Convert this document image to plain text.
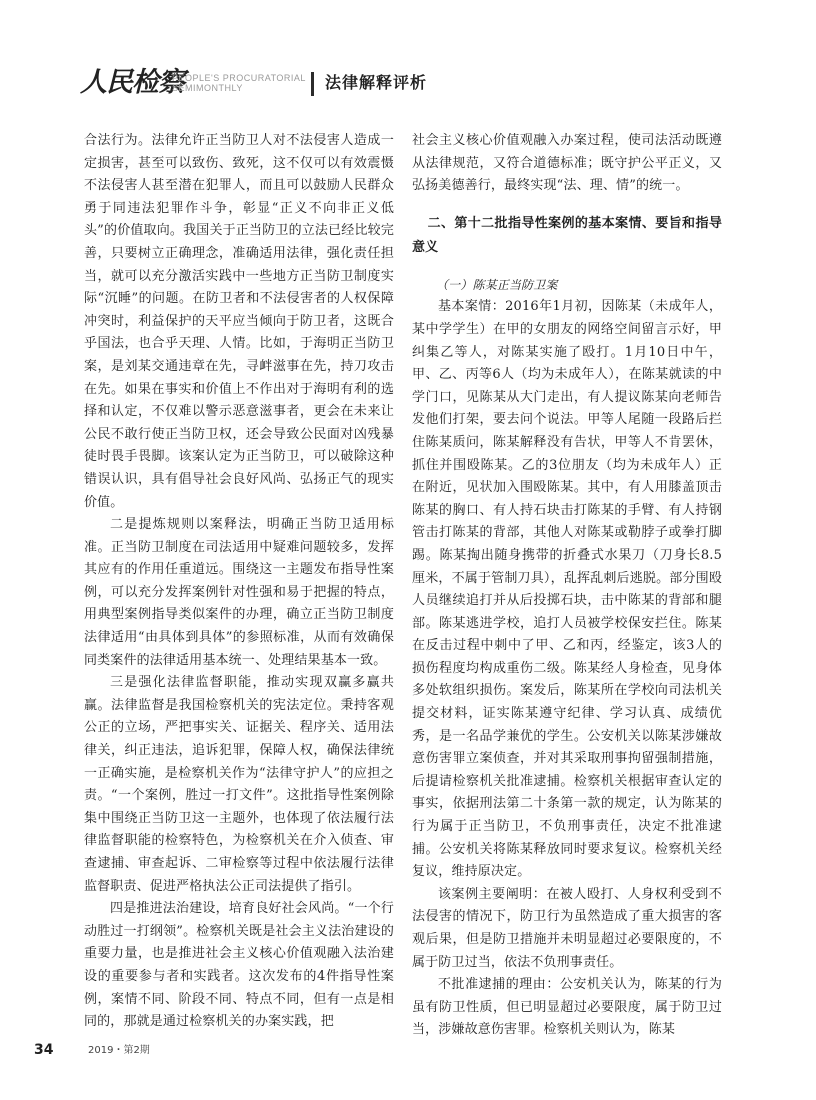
人民检察
PEOPLE'S PROCURATORIAL
SEMIMONTHLY	法律解释评析

合法行为。法律允许正当防卫人对不法侵害人造成一定损害，甚至可以致伤、致死，这不仅可以有效震慑不法侵害人甚至潜在犯罪人，而且可以鼓励人民群众勇于同违法犯罪作斗争，彰显“正义不向非正义低头”的价值取向。我国关于正当防卫的立法已经比较完善，只要树立正确理念，准确适用法律，强化责任担当，就可以充分激活实践中一些地方正当防卫制度实际“沉睡”的问题。在防卫者和不法侵害者的人权保障冲突时，利益保护的天平应当倾向于防卫者，这既合乎国法，也合乎天理、人情。比如，于海明正当防卫案，是刘某交通违章在先，寻衅滋事在先，持刀攻击在先。如果在事实和价值上不作出对于海明有利的选择和认定，不仅难以警示恶意滋事者，更会在未来让公民不敢行使正当防卫权，还会导致公民面对凶残暴徒时畏手畏脚。该案认定为正当防卫，可以破除这种错误认识，具有倡导社会良好风尚、弘扬正气的现实价值。

二是提炼规则以案释法，明确正当防卫适用标准。正当防卫制度在司法适用中疑难问题较多，发挥其应有的作用任重道远。围绕这一主题发布指导性案例，可以充分发挥案例针对性强和易于把握的特点，用典型案例指导类似案件的办理，确立正当防卫制度法律适用“由具体到具体”的参照标准，从而有效确保同类案件的法律适用基本统一、处理结果基本一致。

三是强化法律监督职能，推动实现双赢多赢共赢。法律监督是我国检察机关的宪法定位。秉持客观公正的立场，严把事实关、证据关、程序关、适用法律关，纠正违法，追诉犯罪，保障人权，确保法律统一正确实施，是检察机关作为“法律守护人”的应担之责。“一个案例，胜过一打文件”。这批指导性案例除集中围绕正当防卫这一主题外，也体现了依法履行法律监督职能的检察特色，为检察机关在介入侦查、审查逮捕、审查起诉、二审检察等过程中依法履行法律监督职责、促进严格执法公正司法提供了指引。

四是推进法治建设，培育良好社会风尚。“一个行动胜过一打纲领”。检察机关既是社会主义法治建设的重要力量，也是推进社会主义核心价值观融入法治建设的重要参与者和实践者。这次发布的4件指导性案例，案情不同、阶段不同、特点不同，但有一点是相同的，那就是通过检察机关的办案实践，把

社会主义核心价值观融入办案过程，使司法活动既遵从法律规范，又符合道德标准；既守护公平正义，又弘扬美德善行，最终实现“法、理、情”的统一。

二、第十二批指导性案例的基本案情、要旨和指导意义

（一）陈某正当防卫案

基本案情：2016年1月初，因陈某（未成年人，某中学学生）在甲的女朋友的网络空间留言示好，甲纠集乙等人，对陈某实施了殴打。1月10日中午，甲、乙、丙等6人（均为未成年人），在陈某就读的中学门口，见陈某从大门走出，有人提议陈某向老师告发他们打架，要去问个说法。甲等人尾随一段路后拦住陈某质问，陈某解释没有告状，甲等人不肯罢休，抓住并围殴陈某。乙的3位朋友（均为未成年人）正在附近，见状加入围殴陈某。其中，有人用膝盖顶击陈某的胸口、有人持石块击打陈某的手臂、有人持钢管击打陈某的背部，其他人对陈某或勒脖子或拳打脚踢。陈某掏出随身携带的折叠式水果刀（刀身长8.5厘米，不属于管制刀具），乱挥乱刺后逃脱。部分围殴人员继续追打并从后投掷石块，击中陈某的背部和腿部。陈某逃进学校，追打人员被学校保安拦住。陈某在反击过程中刺中了甲、乙和丙，经鉴定，该3人的损伤程度均构成重伤二级。陈某经人身检查，见身体多处软组织损伤。案发后，陈某所在学校向司法机关提交材料，证实陈某遵守纪律、学习认真、成绩优秀，是一名品学兼优的学生。公安机关以陈某涉嫌故意伤害罪立案侦查，并对其采取刑事拘留强制措施，后提请检察机关批准逮捕。检察机关根据审查认定的事实，依据刑法第二十条第一款的规定，认为陈某的行为属于正当防卫，不负刑事责任，决定不批准逮捕。公安机关将陈某释放同时要求复议。检察机关经复议，维持原决定。

该案例主要阐明：在被人殴打、人身权利受到不法侵害的情况下，防卫行为虽然造成了重大损害的客观后果，但是防卫措施并未明显超过必要限度的，不属于防卫过当，依法不负刑事责任。

不批准逮捕的理由：公安机关认为，陈某的行为虽有防卫性质，但已明显超过必要限度，属于防卫过当，涉嫌故意伤害罪。检察机关则认为，陈某

34	2019・第2期
